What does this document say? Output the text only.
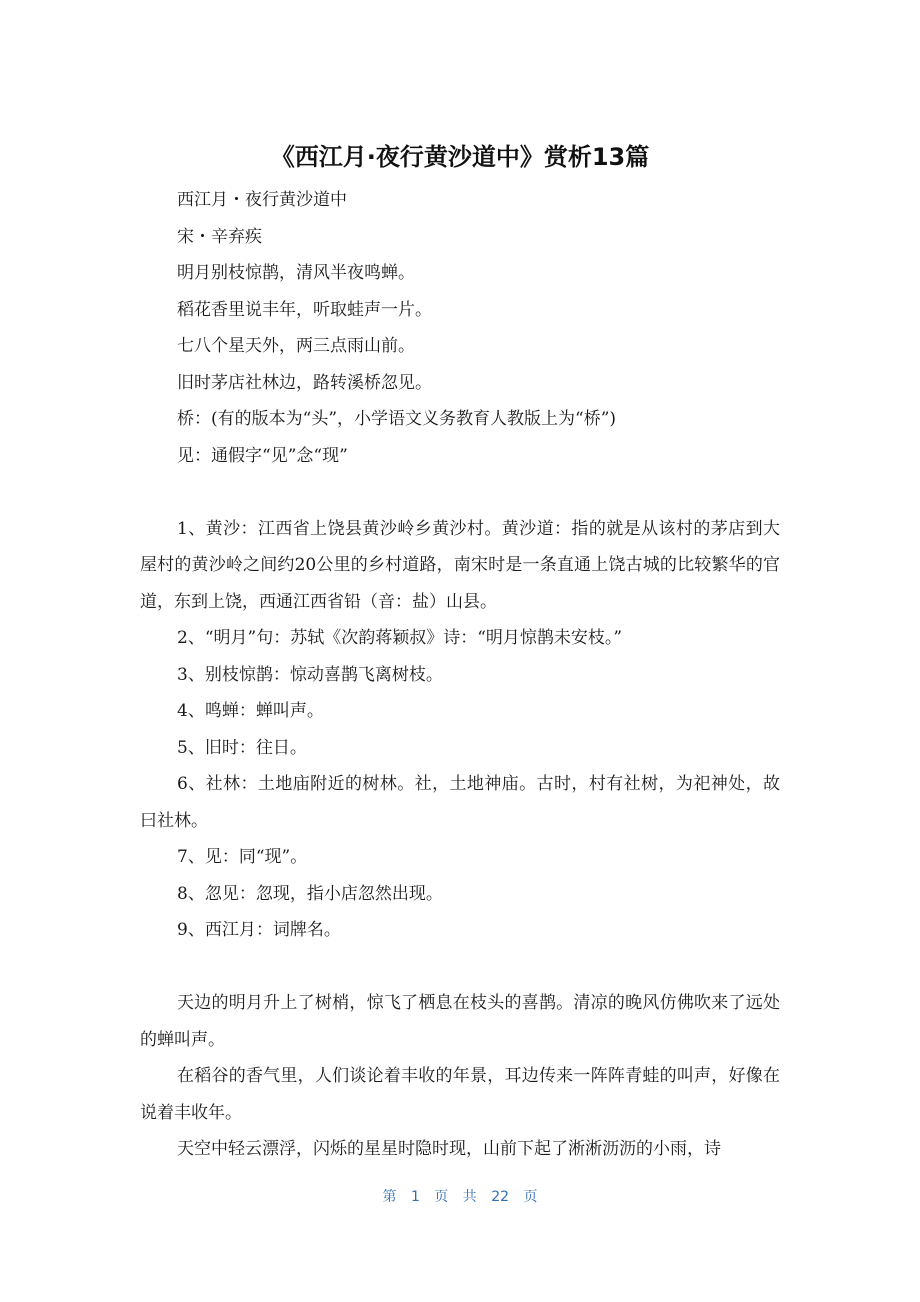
《西江月·夜行黄沙道中》赏析13篇

西江月・夜行黄沙道中

宋・辛弃疾

明月别枝惊鹊，清风半夜鸣蝉。

稻花香里说丰年，听取蛙声一片。

七八个星天外，两三点雨山前。

旧时茅店社林边，路转溪桥忽见。

桥：(有的版本为“头”，小学语文义务教育人教版上为“桥”)

见：通假字“见”念“现”

1、黄沙：江西省上饶县黄沙岭乡黄沙村。黄沙道：指的就是从该村的茅店到大屋村的黄沙岭之间约20公里的乡村道路，南宋时是一条直通上饶古城的比较繁华的官道，东到上饶，西通江西省铅（音：盐）山县。

2、“明月”句：苏轼《次韵蒋颖叔》诗：“明月惊鹊未安枝。”

3、别枝惊鹊：惊动喜鹊飞离树枝。

4、鸣蝉：蝉叫声。

5、旧时：往日。

6、社林：土地庙附近的树林。社，土地神庙。古时，村有社树，为祀神处，故曰社林。

7、见：同“现”。

8、忽见：忽现，指小店忽然出现。

9、西江月：词牌名。

天边的明月升上了树梢，惊飞了栖息在枝头的喜鹊。清凉的晚风仿佛吹来了远处的蝉叫声。

在稻谷的香气里，人们谈论着丰收的年景，耳边传来一阵阵青蛙的叫声，好像在说着丰收年。

天空中轻云漂浮，闪烁的星星时隐时现，山前下起了淅淅沥沥的小雨，诗

第 1 页 共 22 页
